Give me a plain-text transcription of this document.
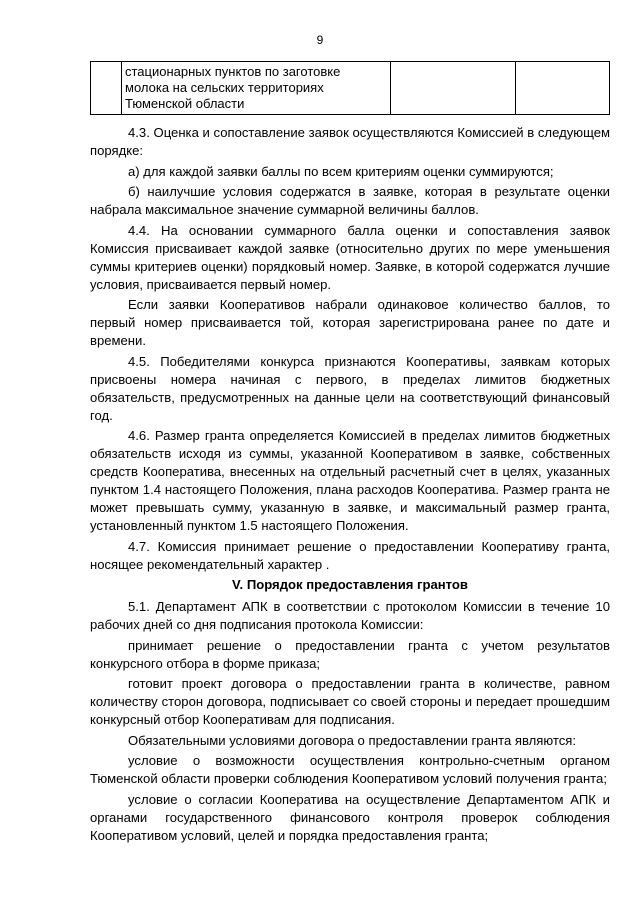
9
	стационарных пунктов по заготовке молока на сельских территориях Тюменской области		

4.3. Оценка и сопоставление заявок осуществляются Комиссией в следующем порядке:

а) для каждой заявки баллы по всем критериям оценки суммируются;

б) наилучшие условия содержатся в заявке, которая в результате оценки набрала максимальное значение суммарной величины баллов.

4.4. На основании суммарного балла оценки и сопоставления заявок Комиссия присваивает каждой заявке (относительно других по мере уменьшения суммы критериев оценки) порядковый номер. Заявке, в которой содержатся лучшие условия, присваивается первый номер.

Если заявки Кооперативов набрали одинаковое количество баллов, то первый номер присваивается той, которая зарегистрирована ранее по дате и времени.

4.5. Победителями конкурса признаются Кооперативы, заявкам которых присвоены номера начиная с первого, в пределах лимитов бюджетных обязательств, предусмотренных на данные цели на соответствующий финансовый год.

4.6. Размер гранта определяется Комиссией в пределах лимитов бюджетных обязательств исходя из суммы, указанной Кооперативом в заявке, собственных средств Кооператива, внесенных на отдельный расчетный счет в целях, указанных пунктом 1.4 настоящего Положения, плана расходов Кооператива. Размер гранта не может превышать сумму, указанную в заявке, и максимальный размер гранта, установленный пунктом 1.5 настоящего Положения.

4.7. Комиссия принимает решение о предоставлении Кооперативу гранта, носящее рекомендательный характер .

V. Порядок предоставления грантов

5.1. Департамент АПК в соответствии с протоколом Комиссии в течение 10 рабочих дней со дня подписания протокола Комиссии:

принимает решение о предоставлении гранта с учетом результатов конкурсного отбора в форме приказа;

готовит проект договора о предоставлении гранта в количестве, равном количеству сторон договора, подписывает со своей стороны и передает прошедшим конкурсный отбор Кооперативам для подписания.

Обязательными условиями договора о предоставлении гранта являются:

условие о возможности осуществления контрольно-счетным органом Тюменской области проверки соблюдения Кооперативом условий получения гранта;

условие о согласии Кооператива на осуществление Департаментом АПК и органами государственного финансового контроля проверок соблюдения Кооперативом условий, целей и порядка предоставления гранта;
